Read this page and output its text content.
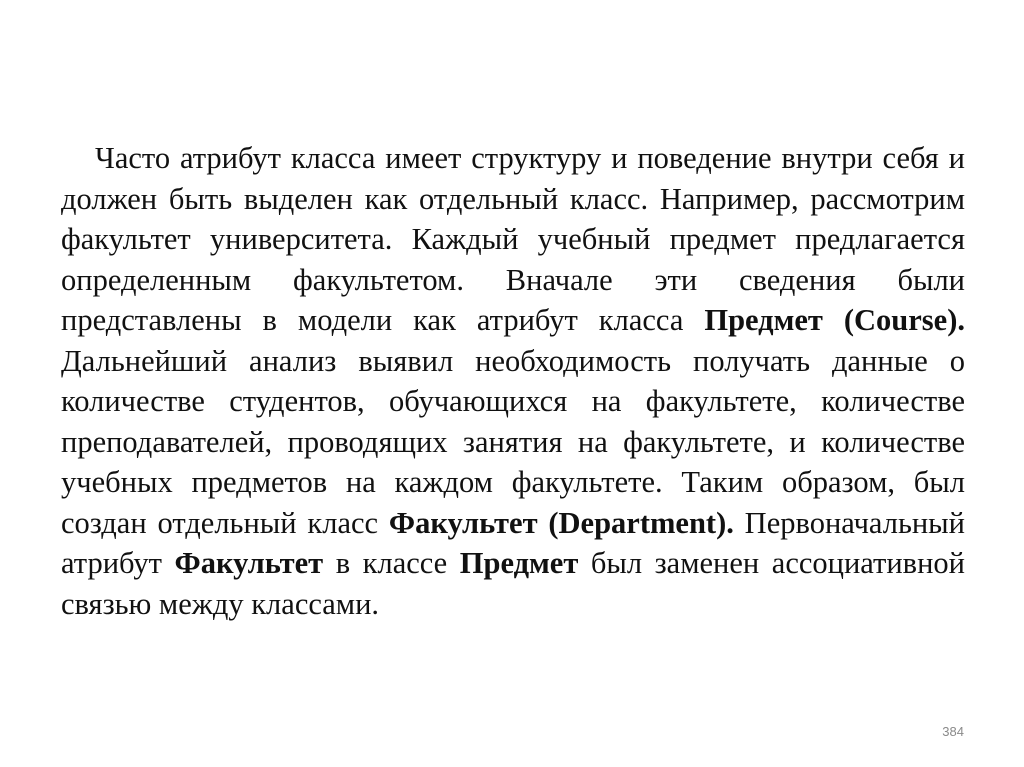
Часто атрибут класса имеет структуру и поведение внутри себя и должен быть выделен как отдельный класс. Например, рассмотрим факультет университета. Каждый учебный предмет предлагается определенным факультетом. Вначале эти сведения были представлены в модели как атрибут класса Предмет (Course). Дальнейший анализ выявил необходимость получать данные о количестве студентов, обучающихся на факультете, количестве преподавателей, проводящих занятия на факультете, и количестве учебных предметов на каждом факультете. Таким образом, был создан отдельный класс Факультет (Department). Первоначальный атрибут Факультет в классе Предмет был заменен ассоциативной связью между классами.

384
